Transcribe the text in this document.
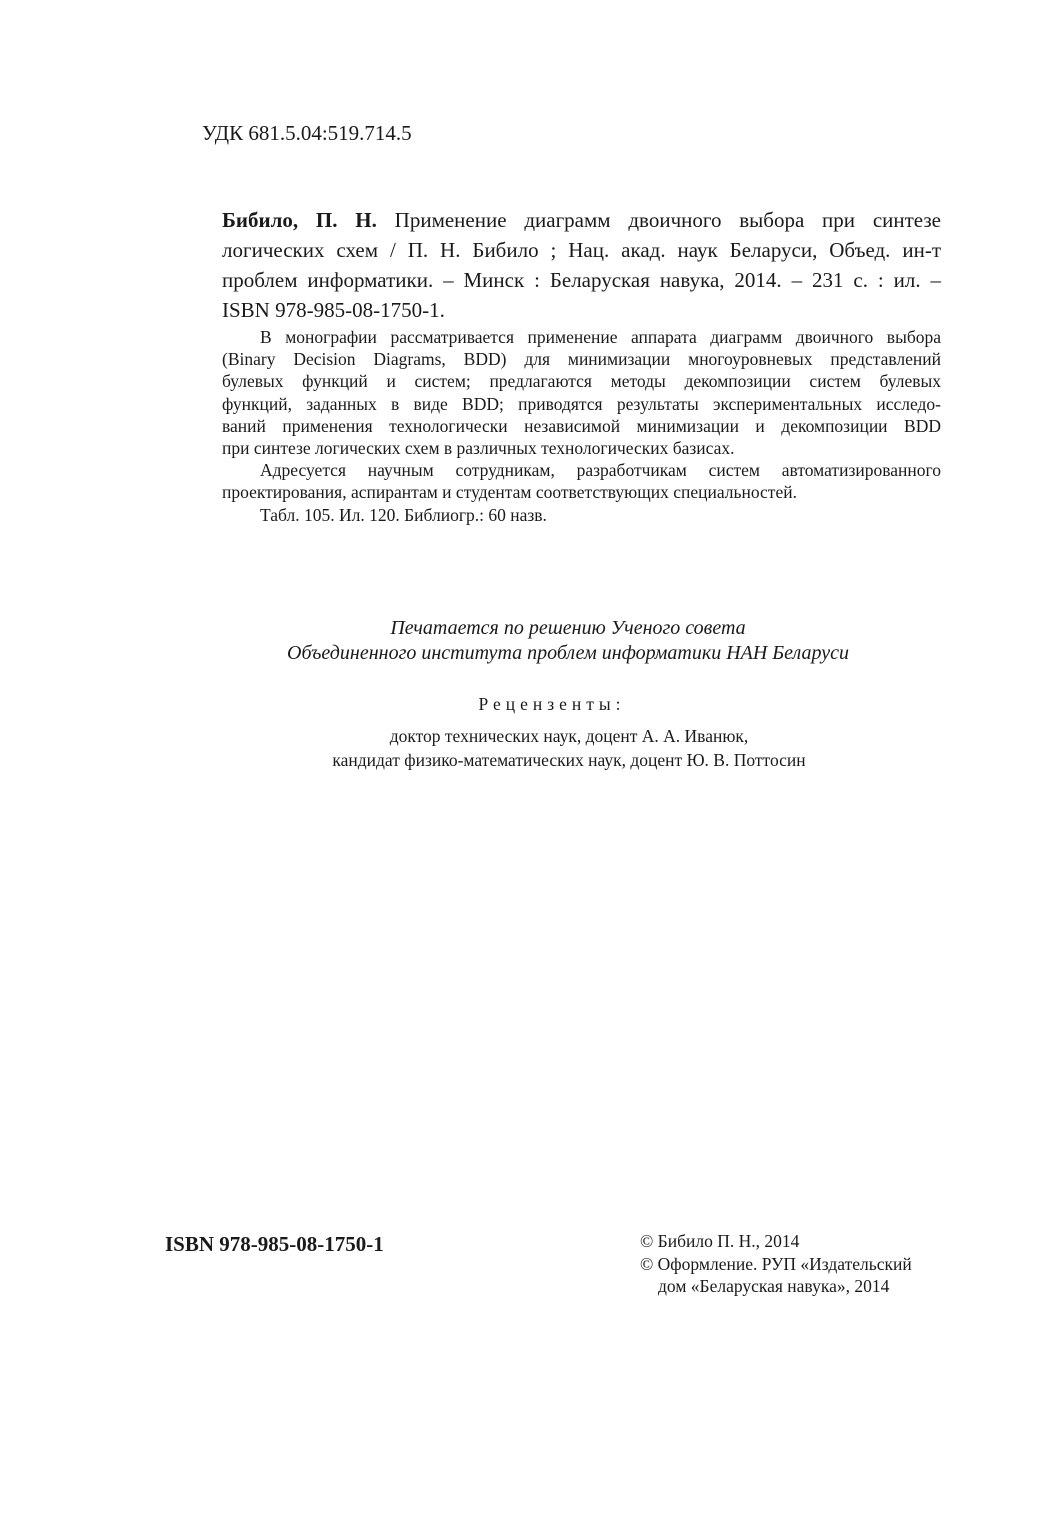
УДК 681.5.04:519.714.5
Бибило, П. Н. Применение диаграмм двоичного выбора при синтезе
логических схем / П. Н. Бибило ; Нац. акад. наук Беларуси, Объед. ин-т
проблем информатики. – Минск : Беларуская навука, 2014. – 231 с. : ил. –
ISBN 978-985-08-1750-1.
В монографии рассматривается применение аппарата диаграмм двоичного выбора
(Binary Decision Diagrams, BDD) для минимизации многоуровневых представлений
булевых функций и систем; предлагаются методы декомпозиции систем булевых
функций, заданных в виде BDD; приводятся результаты экспериментальных исследо-
ваний применения технологически независимой минимизации и декомпозиции BDD
при синтезе логических схем в различных технологических базисах.
Адресуется научным сотрудникам, разработчикам систем автоматизированного
проектирования, аспирантам и студентам соответствующих специальностей.
Табл. 105. Ил. 120. Библиогр.: 60 назв.
Печатается по решению Ученого совета
Объединенного института проблем информатики НАН Беларуси
Рецензенты:
доктор технических наук, доцент А. А. Иванюк,
кандидат физико-математических наук, доцент Ю. В. Поттосин
ISBN 978-985-08-1750-1	© Бибило П. Н., 2014
© Оформление. РУП «Издательский
дом «Беларуская навука», 2014
